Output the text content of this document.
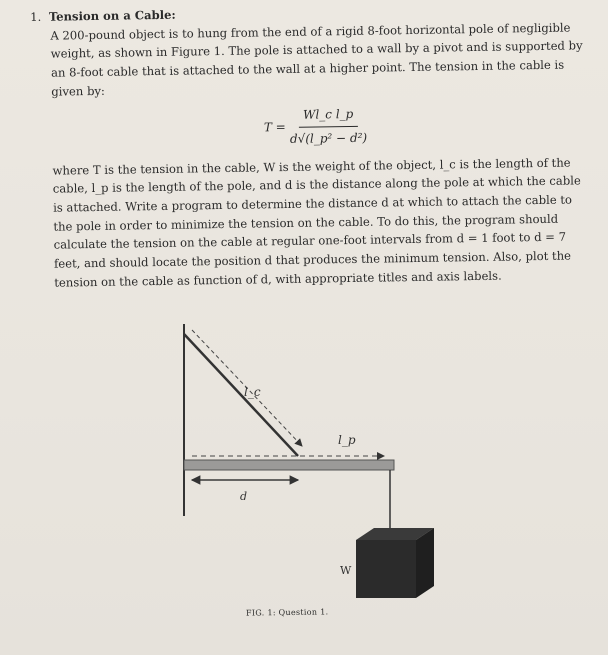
1. Tension on a Cable:
A 200-pound object is to hung from the end of a rigid 8-foot horizontal pole of negligible weight, as shown in Figure 1. The pole is attached to a wall by a pivot and is supported by an 8-foot cable that is attached to the wall at a higher point. The tension in the cable is given by:
$T = \frac{\text{Wl\_c l\_p}}{\text{d√(l\_p² − d²)}}$
where T is the tension in the cable, W is the weight of the object, l_c is the length of the cable, l_p is the length of the pole, and d is the distance along the pole at which the cable is attached. Write a program to determine the distance d at which to attach the cable to the pole in order to minimize the tension on the cable. To do this, the program should calculate the tension on the cable at regular one-foot intervals from d = 1 foot to d = 7 feet, and should locate the position d that produces the minimum tension. Also, plot the tension on the cable as function of d, with appropriate titles and axis labels.
l_c
l_p
d
W
FIG. 1: Question 1.
